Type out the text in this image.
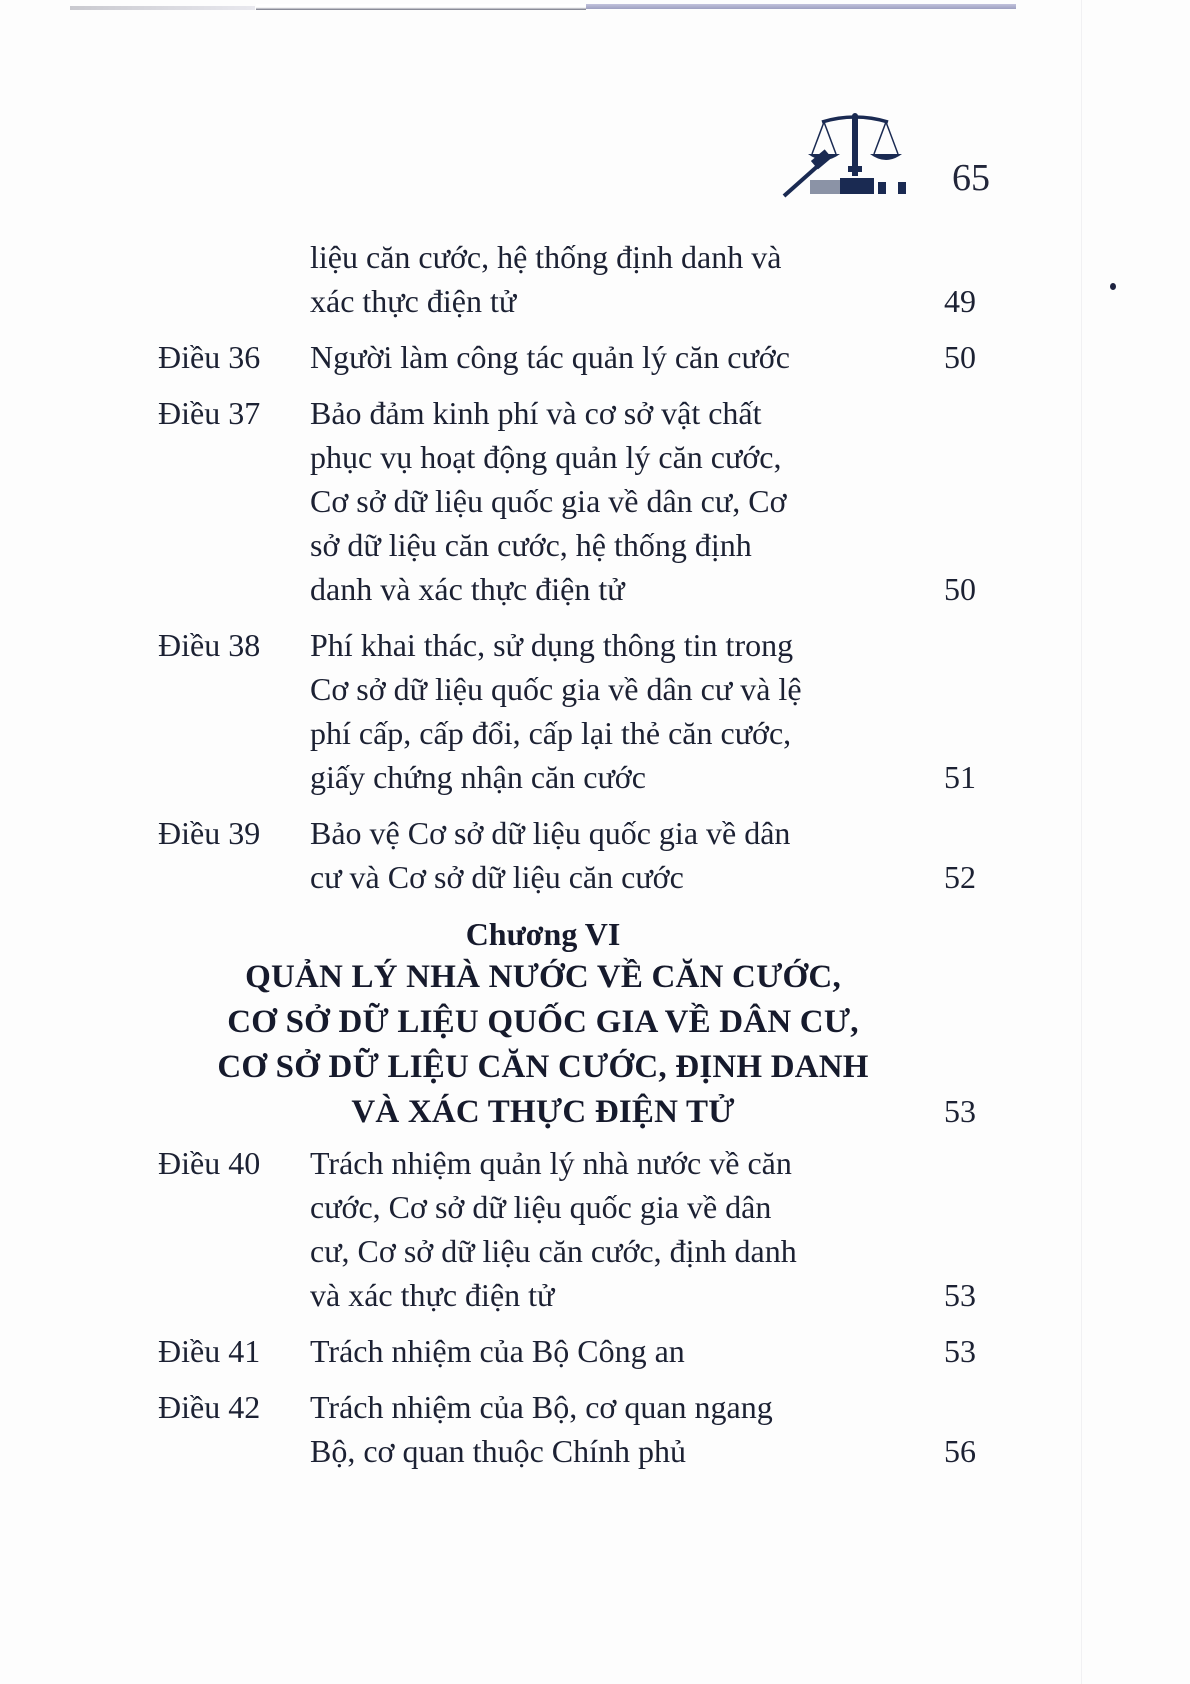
65
liệu căn cước, hệ thống định danh và
xác thực điện tử	49
Điều 36	Người làm công tác quản lý căn cước	50
Điều 37	Bảo đảm kinh phí và cơ sở vật chất
phục vụ hoạt động quản lý căn cước,
Cơ sở dữ liệu quốc gia về dân cư, Cơ
sở dữ liệu căn cước, hệ thống định
danh và xác thực điện tử	50
Điều 38	Phí khai thác, sử dụng thông tin trong
Cơ sở dữ liệu quốc gia về dân cư và lệ
phí cấp, cấp đổi, cấp lại thẻ căn cước,
giấy chứng nhận căn cước	51
Điều 39	Bảo vệ Cơ sở dữ liệu quốc gia về dân
cư và Cơ sở dữ liệu căn cước	52
Chương VI
QUẢN LÝ NHÀ NƯỚC VỀ CĂN CƯỚC,
CƠ SỞ DỮ LIỆU QUỐC GIA VỀ DÂN CƯ,
CƠ SỞ DỮ LIỆU CĂN CƯỚC, ĐỊNH DANH
VÀ XÁC THỰC ĐIỆN TỬ	53
Điều 40	Trách nhiệm quản lý nhà nước về căn
cước, Cơ sở dữ liệu quốc gia về dân
cư, Cơ sở dữ liệu căn cước, định danh
và xác thực điện tử	53
Điều 41	Trách nhiệm của Bộ Công an	53
Điều 42	Trách nhiệm của Bộ, cơ quan ngang
Bộ, cơ quan thuộc Chính phủ	56
